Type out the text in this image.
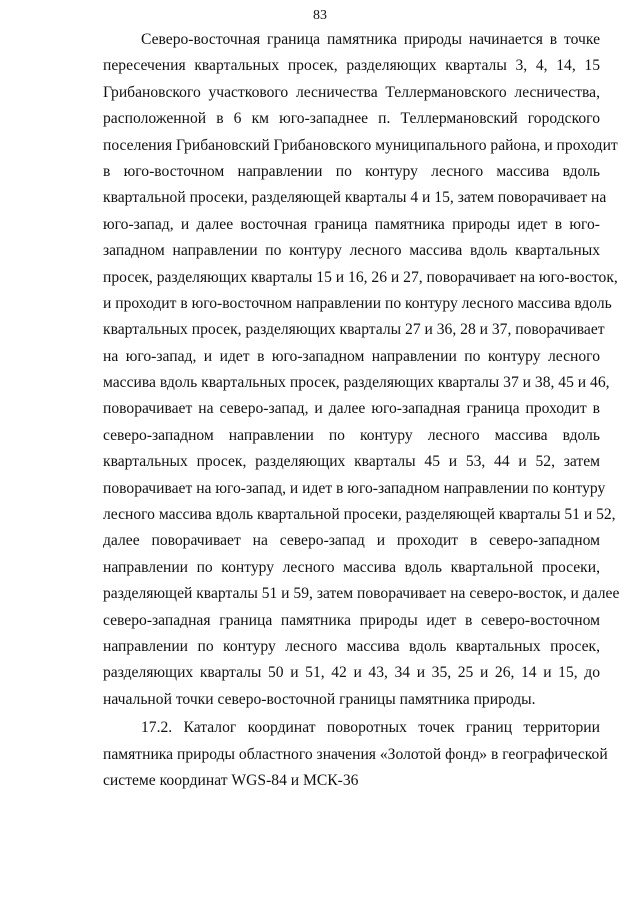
83
Северо-восточная граница памятника природы начинается в точке
пересечения квартальных просек, разделяющих кварталы 3, 4, 14, 15
Грибановского участкового лесничества Теллермановского лесничества,
расположенной в 6 км юго-западнее п. Теллермановский городского
поселения Грибановский Грибановского муниципального района, и проходит
в юго-восточном направлении по контуру лесного массива вдоль
квартальной просеки, разделяющей кварталы 4 и 15, затем поворачивает на
юго-запад, и далее восточная граница памятника природы идет в юго-
западном направлении по контуру лесного массива вдоль квартальных
просек, разделяющих кварталы 15 и 16, 26 и 27, поворачивает на юго-восток,
и проходит в юго-восточном направлении по контуру лесного массива вдоль
квартальных просек, разделяющих кварталы 27 и 36, 28 и 37, поворачивает
на юго-запад, и идет в юго-западном направлении по контуру лесного
массива вдоль квартальных просек, разделяющих кварталы 37 и 38, 45 и 46,
поворачивает на северо-запад, и далее юго-западная граница проходит в
северо-западном направлении по контуру лесного массива вдоль
квартальных просек, разделяющих кварталы 45 и 53, 44 и 52, затем
поворачивает на юго-запад, и идет в юго-западном направлении по контуру
лесного массива вдоль квартальной просеки, разделяющей кварталы 51 и 52,
далее поворачивает на северо-запад и проходит в северо-западном
направлении по контуру лесного массива вдоль квартальной просеки,
разделяющей кварталы 51 и 59, затем поворачивает на северо-восток, и далее
северо-западная граница памятника природы идет в северо-восточном
направлении по контуру лесного массива вдоль квартальных просек,
разделяющих кварталы 50 и 51, 42 и 43, 34 и 35, 25 и 26, 14 и 15, до
начальной точки северо-восточной границы памятника природы.
17.2. Каталог координат поворотных точек границ территории
памятника природы областного значения «Золотой фонд» в географической
системе координат WGS-84 и МСК-36
